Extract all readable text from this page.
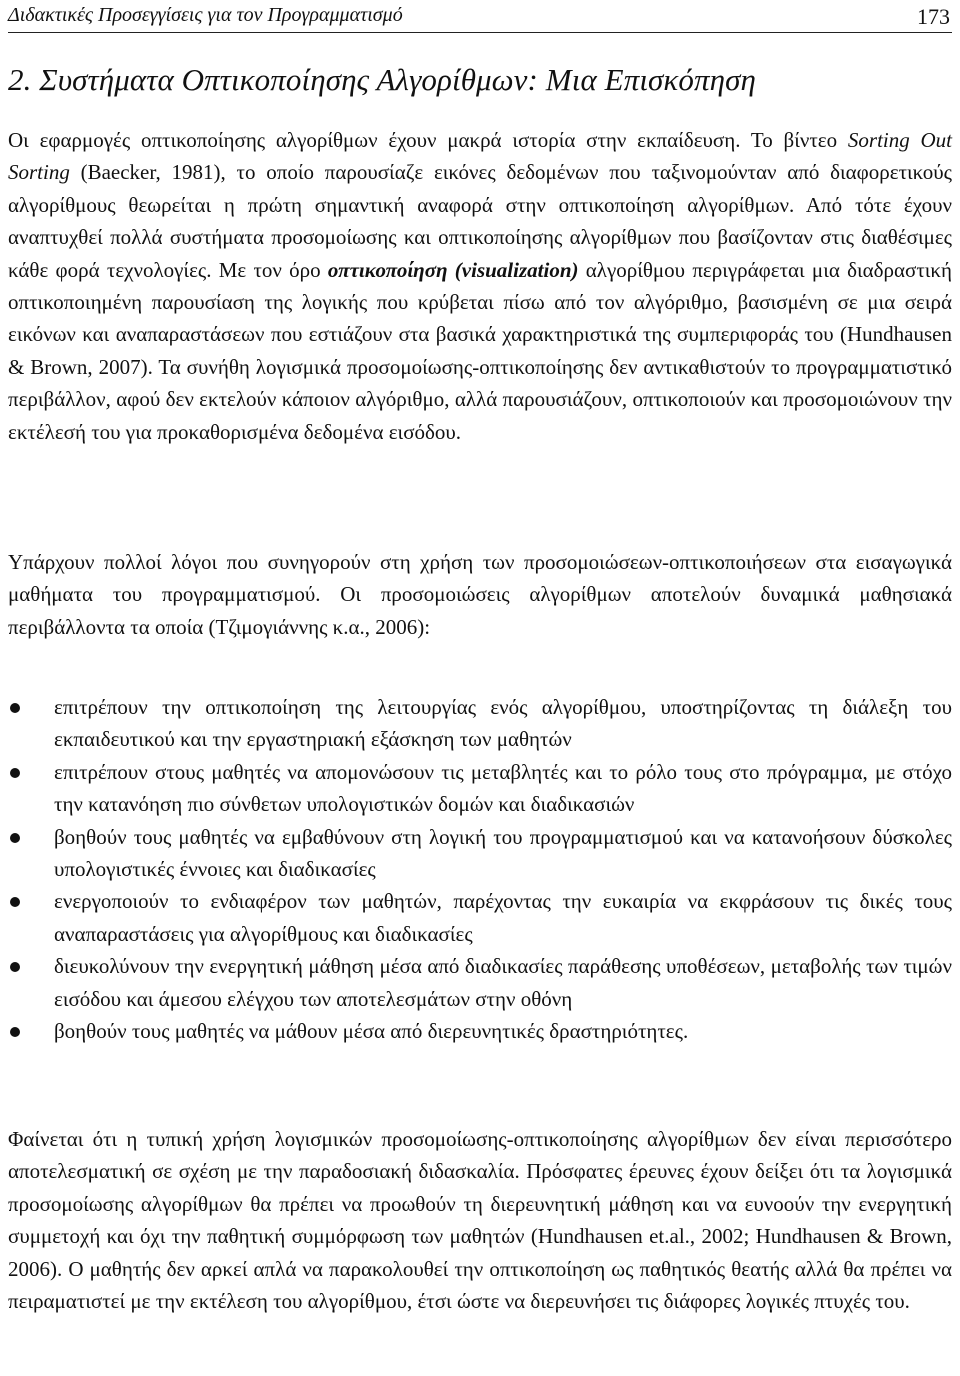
Διδακτικές Προσεγγίσεις για τον Προγραμματισμό	173
2. Συστήματα Οπτικοποίησης Αλγορίθμων: Μια Επισκόπηση

Οι εφαρμογές οπτικοποίησης αλγορίθμων έχουν μακρά ιστορία στην εκπαίδευση. Το βίντεο Sorting Out Sorting (Baecker, 1981), το οποίο παρουσίαζε εικόνες δεδομένων που ταξινομούνταν από διαφορετικούς αλγορίθμους θεωρείται η πρώτη σημαντική αναφορά στην οπτικοποίηση αλγορίθμων. Από τότε έχουν αναπτυχθεί πολλά συστήματα προσομοίωσης και οπτικοποίησης αλγορίθμων που βασίζονταν στις διαθέσιμες κάθε φορά τεχνολογίες. Με τον όρο οπτικοποίηση (visualization) αλγορίθμου περιγράφεται μια διαδραστική οπτικοποιημένη παρουσίαση της λογικής που κρύβεται πίσω από τον αλγόριθμο, βασισμένη σε μια σειρά εικόνων και αναπαραστάσεων που εστιάζουν στα βασικά χαρακτηριστικά της συμπεριφοράς του (Hundhausen & Brown, 2007). Τα συνήθη λογισμικά προσομοίωσης-οπτικοποίησης δεν αντικαθιστούν το προγραμματιστικό περιβάλλον, αφού δεν εκτελούν κάποιον αλγόριθμο, αλλά παρουσιάζουν, οπτικοποιούν και προσομοιώνουν την εκτέλεσή του για προκαθορισμένα δεδομένα εισόδου.

Υπάρχουν πολλοί λόγοι που συνηγορούν στη χρήση των προσομοιώσεων-οπτικοποιήσεων στα εισαγωγικά μαθήματα του προγραμματισμού. Οι προσομοιώσεις αλγορίθμων αποτελούν δυναμικά μαθησιακά περιβάλλοντα τα οποία (Τζιμογιάννης κ.α., 2006):

επιτρέπουν την οπτικοποίηση της λειτουργίας ενός αλγορίθμου, υποστηρίζοντας τη διάλεξη του εκπαιδευτικού και την εργαστηριακή εξάσκηση των μαθητών
επιτρέπουν στους μαθητές να απομονώσουν τις μεταβλητές και το ρόλο τους στο πρόγραμμα, με στόχο την κατανόηση πιο σύνθετων υπολογιστικών δομών και διαδικασιών
βοηθούν τους μαθητές να εμβαθύνουν στη λογική του προγραμματισμού και να κατανοήσουν δύσκολες υπολογιστικές έννοιες και διαδικασίες
ενεργοποιούν το ενδιαφέρον των μαθητών, παρέχοντας την ευκαιρία να εκφράσουν τις δικές τους αναπαραστάσεις για αλγορίθμους και διαδικασίες
διευκολύνουν την ενεργητική μάθηση μέσα από διαδικασίες παράθεσης υποθέσεων, μεταβολής των τιμών εισόδου και άμεσου ελέγχου των αποτελεσμάτων στην οθόνη
βοηθούν τους μαθητές να μάθουν μέσα από διερευνητικές δραστηριότητες.

Φαίνεται ότι η τυπική χρήση λογισμικών προσομοίωσης-οπτικοποίησης αλγορίθμων δεν είναι περισσότερο αποτελεσματική σε σχέση με την παραδοσιακή διδασκαλία. Πρόσφατες έρευνες έχουν δείξει ότι τα λογισμικά προσομοίωσης αλγορίθμων θα πρέπει να προωθούν τη διερευνητική μάθηση και να ευνοούν την ενεργητική συμμετοχή και όχι την παθητική συμμόρφωση των μαθητών (Hundhausen et.al., 2002; Hundhausen & Brown, 2006). Ο μαθητής δεν αρκεί απλά να παρακολουθεί την οπτικοποίηση ως παθητικός θεατής αλλά θα πρέπει να πειραματιστεί με την εκτέλεση του αλγορίθμου, έτσι ώστε να διερευνήσει τις διάφορες λογικές πτυχές του.
